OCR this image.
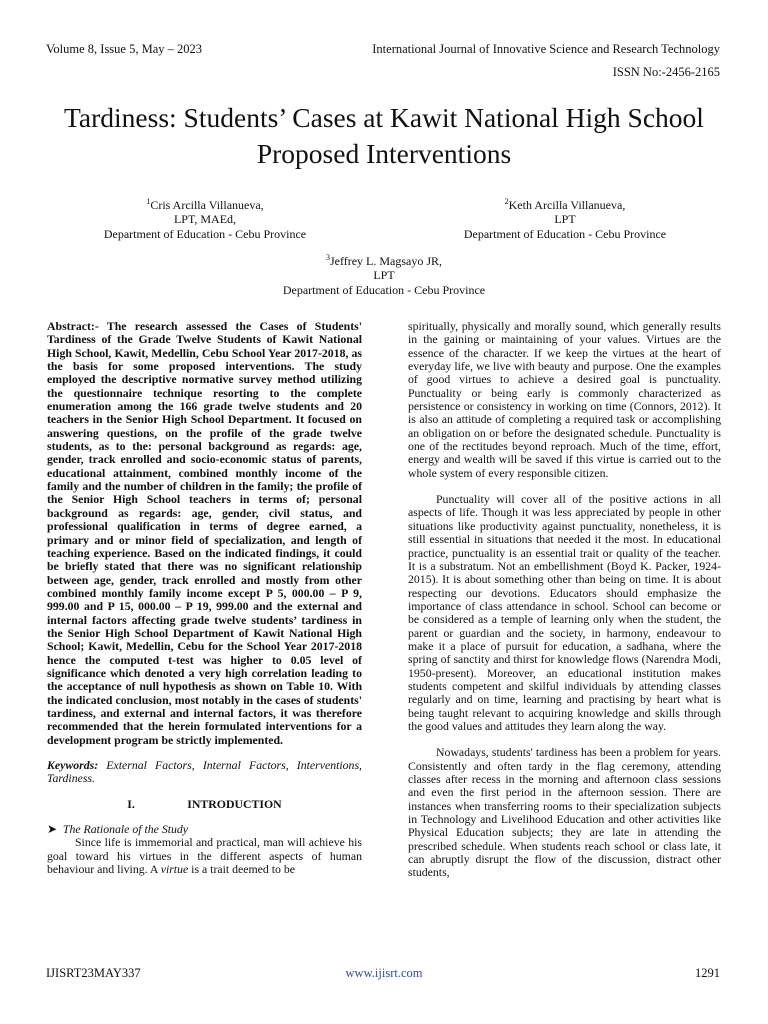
Volume 8, Issue 5, May – 2023	International Journal of Innovative Science and Research Technology
ISSN No:-2456-2165
Tardiness: Students’ Cases at Kawit National High School Proposed Interventions
$^1$Cris Arcilla Villanueva,
LPT, MAEd,
Department of Education - Cebu Province
$^2$Keth Arcilla Villanueva,
LPT
Department of Education - Cebu Province
$^3$Jeffrey L. Magsayo JR,
LPT
Department of Education - Cebu Province

Abstract:- The research assessed the Cases of Students' Tardiness of the Grade Twelve Students of Kawit National High School, Kawit, Medellin, Cebu School Year 2017-2018, as the basis for some proposed interventions. The study employed the descriptive normative survey method utilizing the questionnaire technique resorting to the complete enumeration among the 166 grade twelve students and 20 teachers in the Senior High School Department. It focused on answering questions, on the profile of the grade twelve students, as to the: personal background as regards: age, gender, track enrolled and socio-economic status of parents, educational attainment, combined monthly income of the family and the number of children in the family; the profile of the Senior High School teachers in terms of; personal background as regards: age, gender, civil status, and professional qualification in terms of degree earned, a primary and or minor field of specialization, and length of teaching experience. Based on the indicated findings, it could be briefly stated that there was no significant relationship between age, gender, track enrolled and mostly from other combined monthly family income except P 5, 000.00 – P 9, 999.00 and P 15, 000.00 – P 19, 999.00 and the external and internal factors affecting grade twelve students’ tardiness in the Senior High School Department of Kawit National High School; Kawit, Medellin, Cebu for the School Year 2017-2018 hence the computed t-test was higher to 0.05 level of significance which denoted a very high correlation leading to the acceptance of null hypothesis as shown on Table 10. With the indicated conclusion, most notably in the cases of students' tardiness, and external and internal factors, it was therefore recommended that the herein formulated interventions for a development program be strictly implemented.

Keywords: External Factors, Internal Factors, Interventions, Tardiness.

I.	INTRODUCTION

➤ The Rationale of the Study

Since life is immemorial and practical, man will achieve his goal toward his virtues in the different aspects of human behaviour and living. A virtue is a trait deemed to be

spiritually, physically and morally sound, which generally results in the gaining or maintaining of your values. Virtues are the essence of the character. If we keep the virtues at the heart of everyday life, we live with beauty and purpose. One the examples of good virtues to achieve a desired goal is punctuality. Punctuality or being early is commonly characterized as persistence or consistency in working on time (Connors, 2012). It is also an attitude of completing a required task or accomplishing an obligation on or before the designated schedule. Punctuality is one of the rectitudes beyond reproach. Much of the time, effort, energy and wealth will be saved if this virtue is carried out to the whole system of every responsible citizen.

Punctuality will cover all of the positive actions in all aspects of life. Though it was less appreciated by people in other situations like productivity against punctuality, nonetheless, it is still essential in situations that needed it the most. In educational practice, punctuality is an essential trait or quality of the teacher. It is a substratum. Not an embellishment (Boyd K. Packer, 1924-2015). It is about something other than being on time. It is about respecting our devotions. Educators should emphasize the importance of class attendance in school. School can become or be considered as a temple of learning only when the student, the parent or guardian and the society, in harmony, endeavour to make it a place of pursuit for education, a sadhana, where the spring of sanctity and thirst for knowledge flows (Narendra Modi, 1950-present). Moreover, an educational institution makes students competent and skilful individuals by attending classes regularly and on time, learning and practising by heart what is being taught relevant to acquiring knowledge and skills through the good values and attitudes they learn along the way.

Nowadays, students' tardiness has been a problem for years. Consistently and often tardy in the flag ceremony, attending classes after recess in the morning and afternoon class sessions and even the first period in the afternoon session. There are instances when transferring rooms to their specialization subjects in Technology and Livelihood Education and other activities like Physical Education subjects; they are late in attending the prescribed schedule. When students reach school or class late, it can abruptly disrupt the flow of the discussion, distract other students,

IJISRT23MAY337	www.ijisrt.com	1291
